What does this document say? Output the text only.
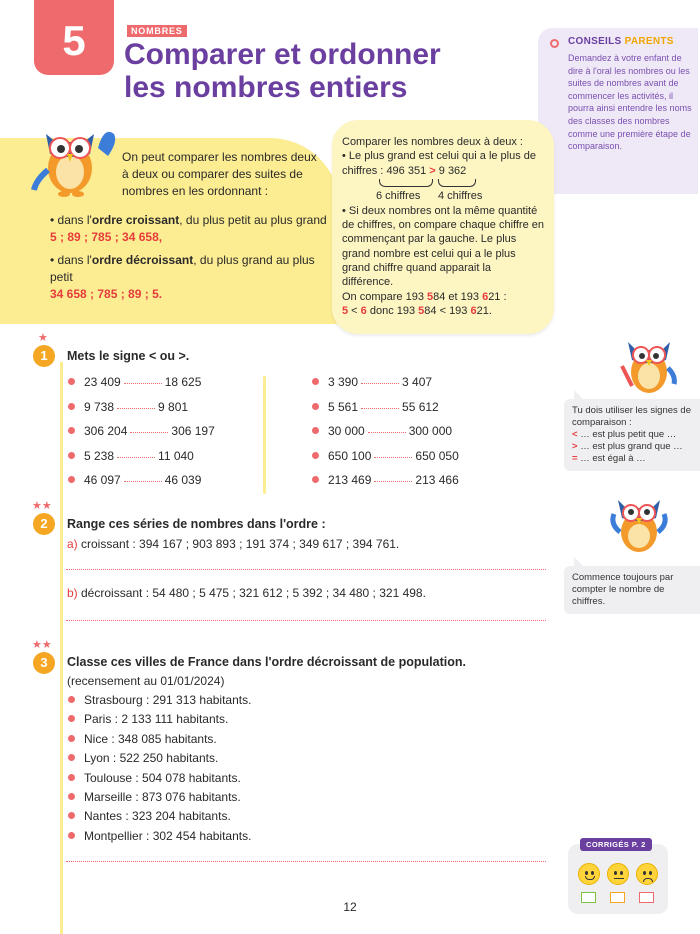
5	NOMBRES
Comparer et ordonner
les nombres entiers
CONSEILS PARENTS
Demandez à votre enfant de dire à l'oral les nombres ou les suites de nombres avant de commencer les activités, il pourra ainsi entendre les noms des classes des nombres comme une première étape de comparaison.
On peut comparer les nombres deux à deux ou comparer des suites de nombres en les ordonnant :

• dans l'ordre croissant, du plus petit au plus grand
5 ; 89 ; 785 ; 34 658,

• dans l'ordre décroissant, du plus grand au plus petit
34 658 ; 785 ; 89 ; 5.

Comparer les nombres deux à deux :
• Le plus grand est celui qui a le plus de chiffres : 496 351 > 9 362
6 chiffres 4 chiffres
• Si deux nombres ont la même quantité de chiffres, on compare chaque chiffre en commençant par la gauche. Le plus grand nombre est celui qui a le plus grand chiffre quand apparait la différence.
On compare 193 584 et 193 621 :
5 < 6 donc 193 584 < 193 621.
★
1	Mets le signe < ou >.
23 409	18 625
9 738	9 801
306 204	306 197
5 238	11 040
46 097	46 039
3 390	3 407
5 561	55 612
30 000	300 000
650 100	650 050
213 469	213 466
Tu dois utiliser les signes de comparaison :
< … est plus petit que …
> … est plus grand que …
= … est égal à …
★★
2	Range ces séries de nombres dans l'ordre :
a) croissant : 394 167 ; 903 893 ; 191 374 ; 349 617 ; 394 761.
b) décroissant : 54 480 ; 5 475 ; 321 612 ; 5 392 ; 34 480 ; 321 498.
Commence toujours par compter le nombre de chiffres.
★★
3	Classe ces villes de France dans l'ordre décroissant de population.
(recensement au 01/01/2024)
Strasbourg : 291 313 habitants.
Paris : 2 133 111 habitants.
Nice : 348 085 habitants.
Lyon : 522 250 habitants.
Toulouse : 504 078 habitants.
Marseille : 873 076 habitants.
Nantes : 323 204 habitants.
Montpellier : 302 454 habitants.
CORRIGÉS P. 2
12
